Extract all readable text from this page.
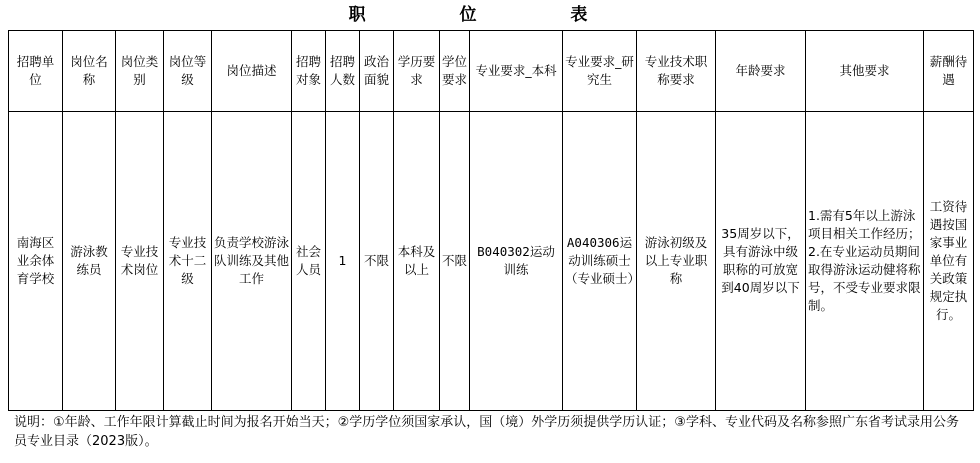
职 位 表
招聘单位	岗位名称	岗位类别	岗位等级	岗位描述	招聘对象	招聘人数	政治面貌	学历要求	学位要求	专业要求_本科	专业要求_研究生	专业技术职称要求	年龄要求	其他要求	薪酬待遇
南海区业余体育学校	游泳教练员	专业技术岗位	专业技术十二级	负责学校游泳队训练及其他工作	社会人员	1	不限	本科及以上	不限	B040302运动训练	A040306运动训练硕士（专业硕士）	游泳初级及以上专业职称	35周岁以下，具有游泳中级职称的可放宽到40周岁以下	1.需有5年以上游泳项目相关工作经历；2.在专业运动员期间取得游泳运动健将称号，不受专业要求限制。	工资待遇按国家事业单位有关政策规定执行。
说明：①年龄、工作年限计算截止时间为报名开始当天；②学历学位须国家承认，国（境）外学历须提供学历认证；③学科、专业代码及名称参照广东省考试录用公务员专业目录（2023版）。
